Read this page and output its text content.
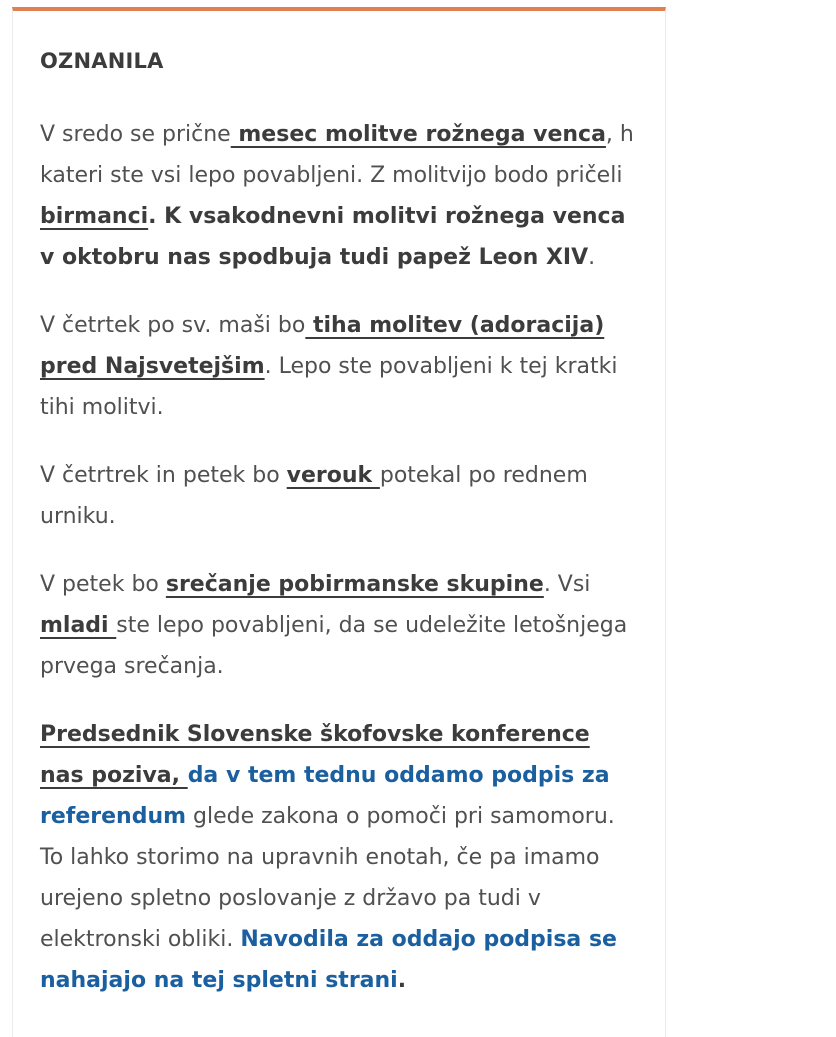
OZNANILA

V sredo se prične mesec molitve rožnega venca, h kateri ste vsi lepo povabljeni. Z molitvijo bodo pričeli birmanci. K vsakodnevni molitvi rožnega venca v oktobru nas spodbuja tudi papež Leon XIV.

V četrtek po sv. maši bo tiha molitev (adoracija) pred Najsvetejšim. Lepo ste povabljeni k tej kratki tihi molitvi.

V četrtrek in petek bo verouk potekal po rednem urniku.

V petek bo srečanje pobirmanske skupine. Vsi mladi ste lepo povabljeni, da se udeležite letošnjega prvega srečanja.

Predsednik Slovenske škofovske konference nas poziva, da v tem tednu oddamo podpis za referendum glede zakona o pomoči pri samomoru. To lahko storimo na upravnih enotah, če pa imamo urejeno spletno poslovanje z državo pa tudi v elektronski obliki. Navodila za oddajo podpisa se nahajajo na tej spletni strani.
